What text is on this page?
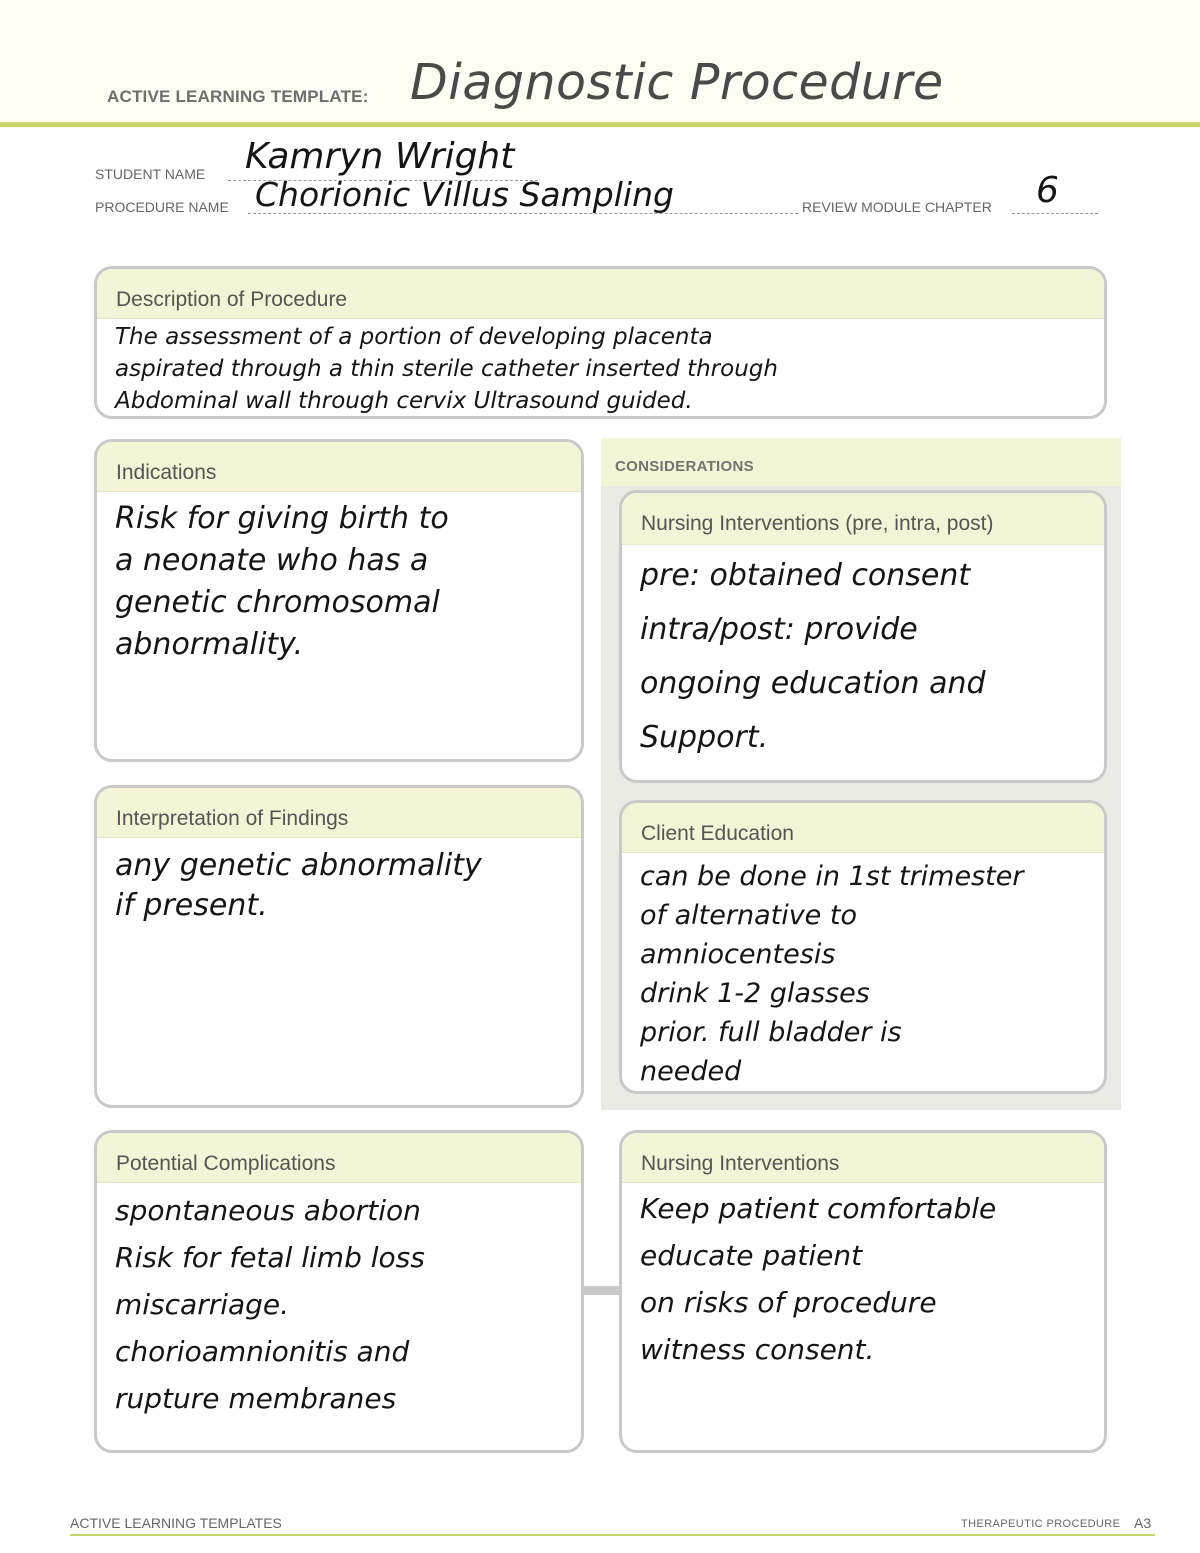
ACTIVE LEARNING TEMPLATE: Diagnostic Procedure
STUDENT NAME Kamryn Wright
PROCEDURE NAME Chorionic Villus Sampling	REVIEW MODULE CHAPTER 6
Description of Procedure
The assessment of a portion of developing placenta
aspirated through a thin sterile catheter inserted through
Abdominal wall through cervix Ultrasound guided.
CONSIDERATIONS
Indications
Risk for giving birth to
a neonate who has a
genetic chromosomal
abnormality.
Nursing Interventions (pre, intra, post)
pre: obtained consent
intra/post: provide
ongoing education and
Support.
Interpretation of Findings
any genetic abnormality
if present.
Client Education
can be done in 1st trimester
of alternative to
amniocentesis
drink 1-2 glasses
prior. full bladder is
needed
Potential Complications
spontaneous abortion
Risk for fetal limb loss
miscarriage.
chorioamnionitis and
rupture membranes
Nursing Interventions
Keep patient comfortable
educate patient
on risks of procedure
witness consent.
ACTIVE LEARNING TEMPLATES	THERAPEUTIC PROCEDURE A3
